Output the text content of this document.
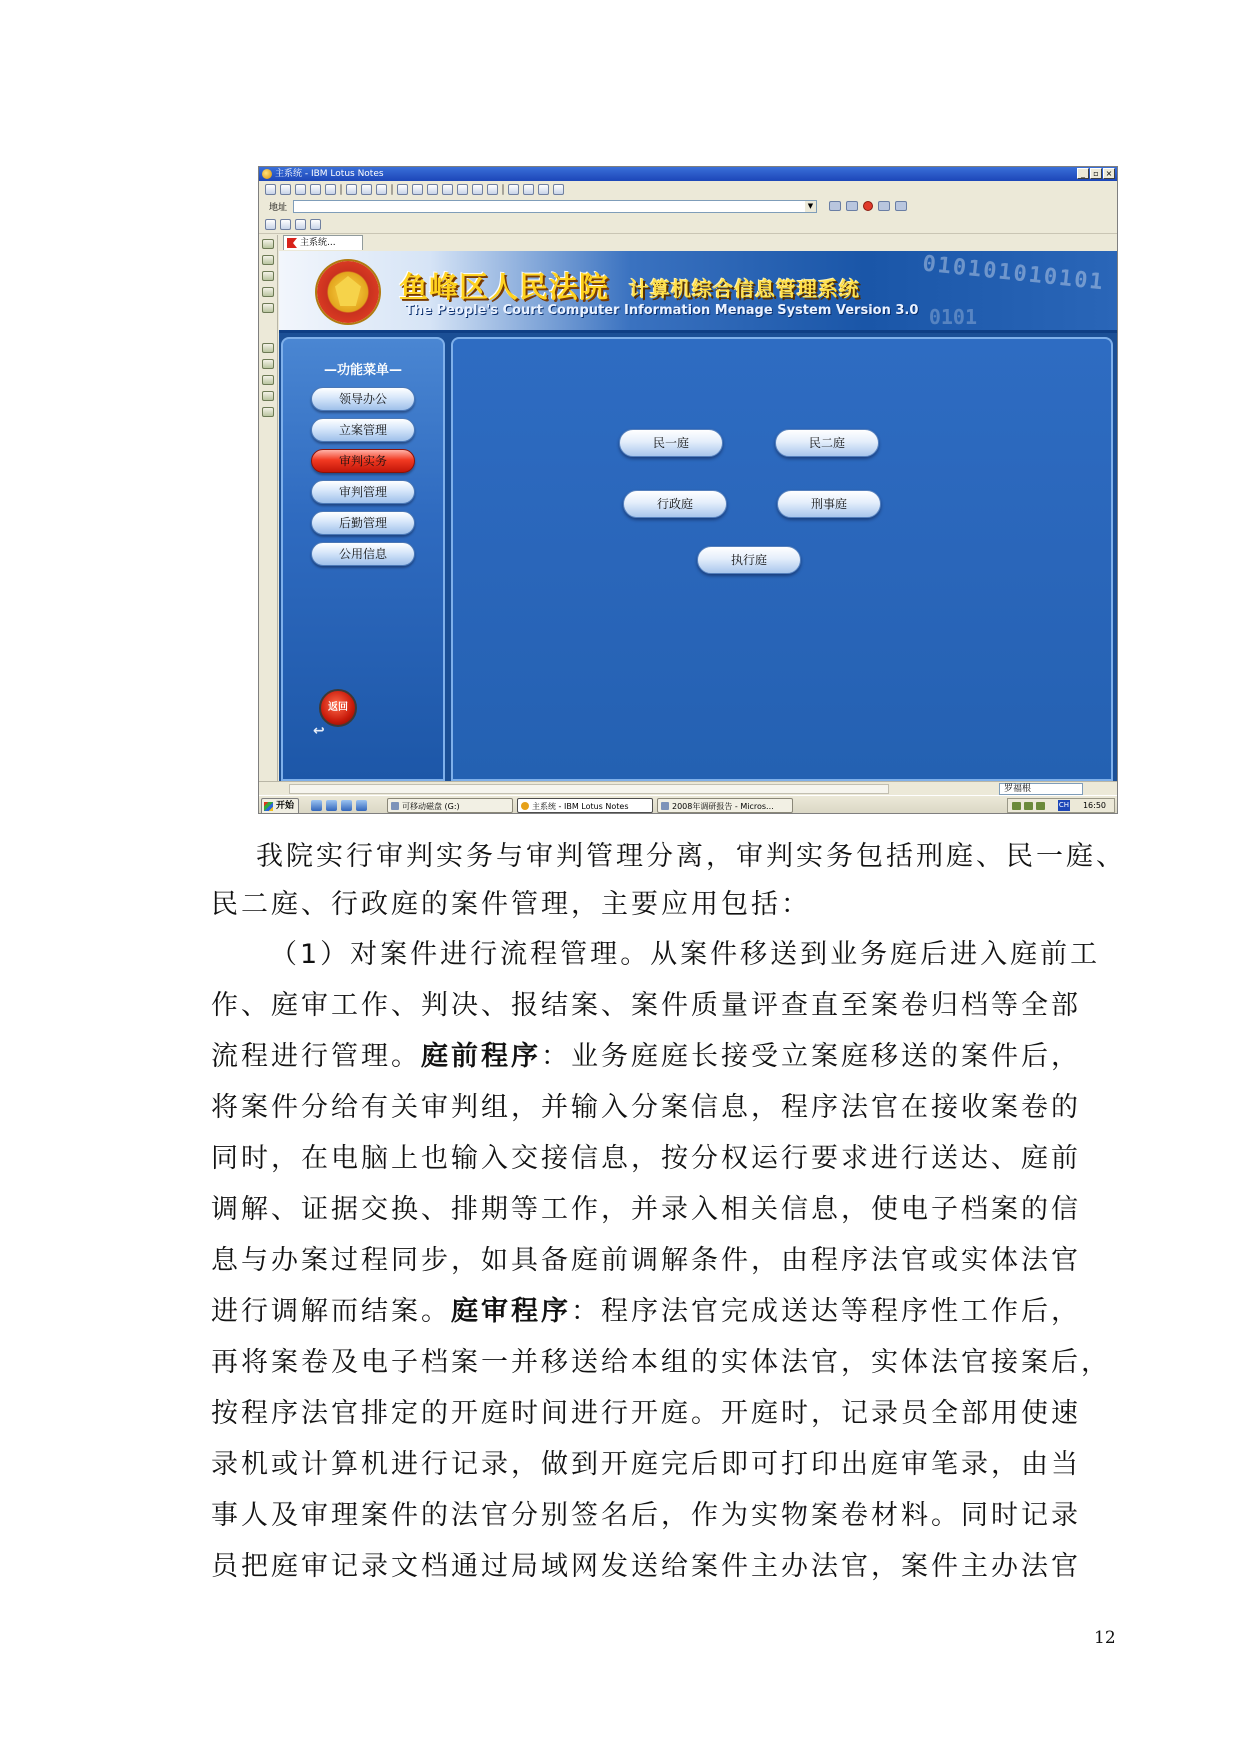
主系统 - IBM Lotus Notes	_	▫ ×
地址	▼
主系统...
鱼峰区人民法院 计算机综合信息管理系统
The People's Court Computer Information Menage System Version 3.0
010101010101
0101
—功能菜单—
领导办公
立案管理
审判实务
审判管理
后勤管理
公用信息
返回
↩
民一庭	民二庭
行政庭	刑事庭
执行庭
罗福根
开始	可移动磁盘 (G:)	主系统 - IBM Lotus Notes	2008年调研报告 - Micros...	CH 16:50

我院实行审判实务与审判管理分离，审判实务包括刑庭、民一庭、

民二庭、行政庭的案件管理，主要应用包括：

（1）对案件进行流程管理。从案件移送到业务庭后进入庭前工

作、庭审工作、判决、报结案、案件质量评查直至案卷归档等全部

流程进行管理。庭前程序：业务庭庭长接受立案庭移送的案件后，

将案件分给有关审判组，并输入分案信息，程序法官在接收案卷的

同时，在电脑上也输入交接信息，按分权运行要求进行送达、庭前

调解、证据交换、排期等工作，并录入相关信息，使电子档案的信

息与办案过程同步，如具备庭前调解条件，由程序法官或实体法官

进行调解而结案。庭审程序：程序法官完成送达等程序性工作后，

再将案卷及电子档案一并移送给本组的实体法官，实体法官接案后，

按程序法官排定的开庭时间进行开庭。开庭时，记录员全部用使速

录机或计算机进行记录，做到开庭完后即可打印出庭审笔录，由当

事人及审理案件的法官分别签名后，作为实物案卷材料。同时记录

员把庭审记录文档通过局域网发送给案件主办法官，案件主办法官

12
